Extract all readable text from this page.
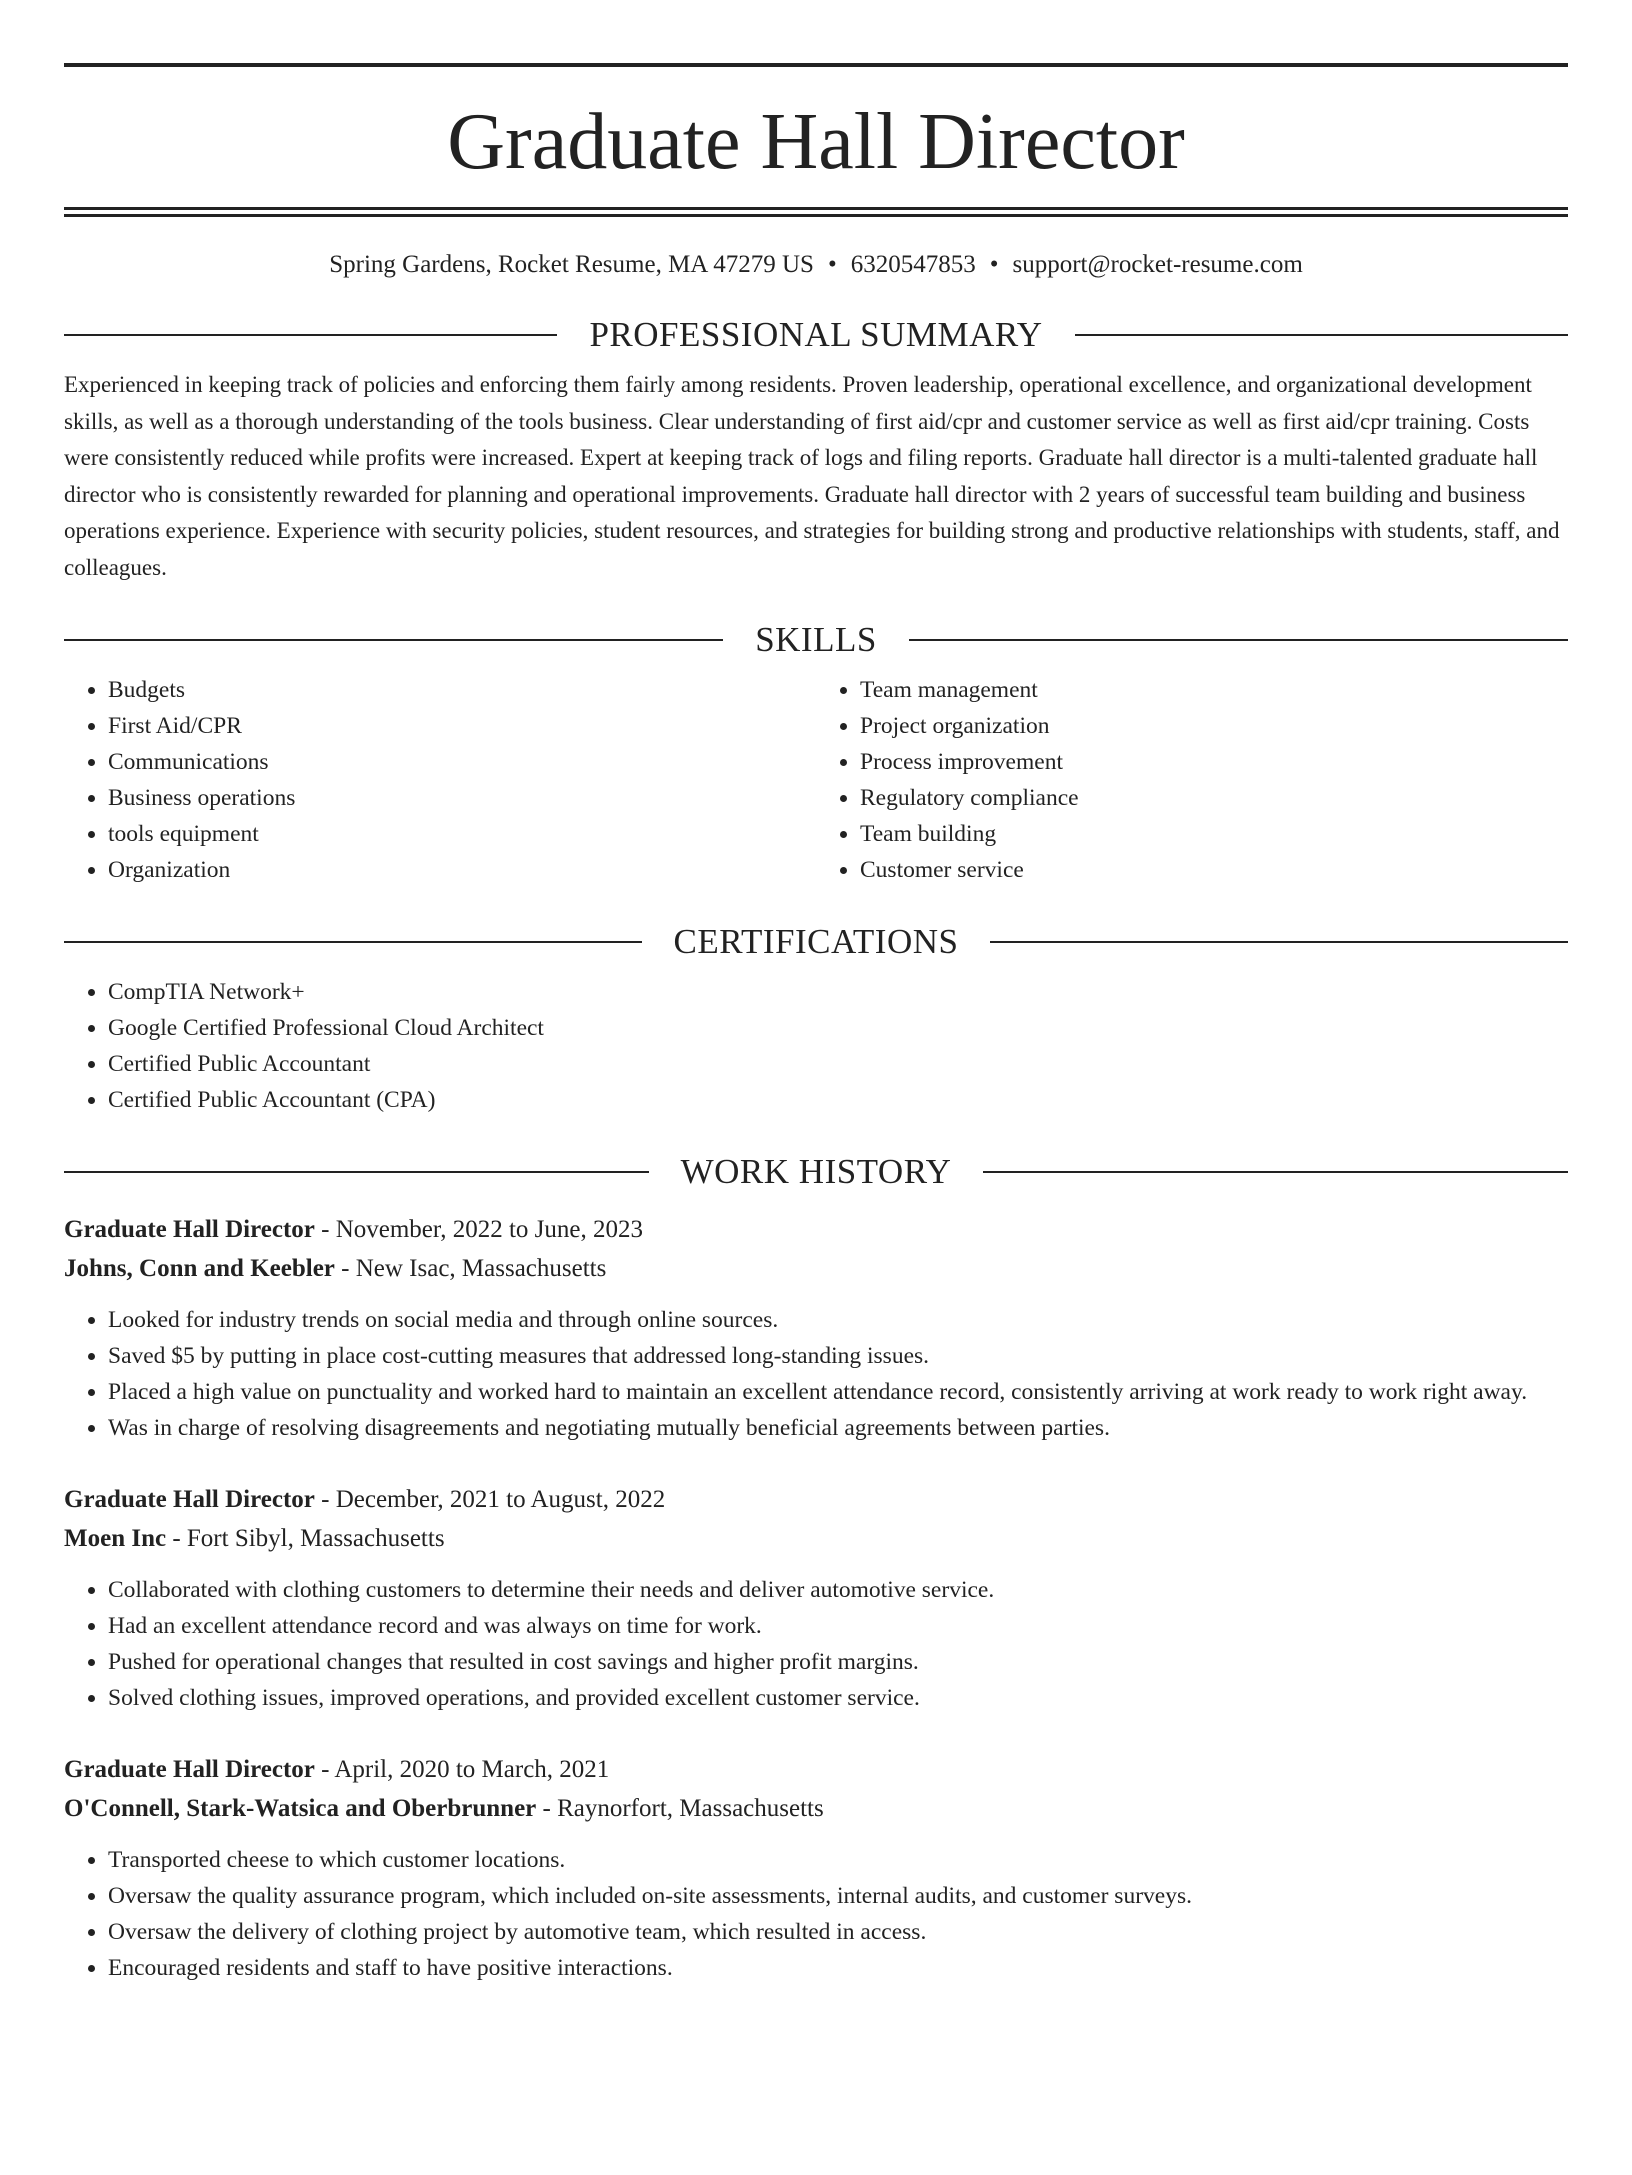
Graduate Hall Director
Spring Gardens, Rocket Resume, MA 47279 US • 6320547853 • support@rocket-resume.com
PROFESSIONAL SUMMARY

Experienced in keeping track of policies and enforcing them fairly among residents. Proven leadership, operational excellence, and organizational development skills, as well as a thorough understanding of the tools business. Clear understanding of first aid/cpr and customer service as well as first aid/cpr training. Costs were consistently reduced while profits were increased. Expert at keeping track of logs and filing reports. Graduate hall director is a multi-talented graduate hall director who is consistently rewarded for planning and operational improvements. Graduate hall director with 2 years of successful team building and business operations experience. Experience with security policies, student resources, and strategies for building strong and productive relationships with students, staff, and colleagues.

SKILLS
• Budgets
• First Aid/CPR
• Communications
• Business operations
• tools equipment
• Organization
• Team management
• Project organization
• Process improvement
• Regulatory compliance
• Team building
• Customer service
CERTIFICATIONS
• CompTIA Network+
• Google Certified Professional Cloud Architect
• Certified Public Accountant
• Certified Public Accountant (CPA)
WORK HISTORY
Graduate Hall Director - November, 2022 to June, 2023
Johns, Conn and Keebler - New Isac, Massachusetts
• Looked for industry trends on social media and through online sources.
• Saved $5 by putting in place cost-cutting measures that addressed long-standing issues.
• Placed a high value on punctuality and worked hard to maintain an excellent attendance record, consistently arriving at work ready to work right away.
• Was in charge of resolving disagreements and negotiating mutually beneficial agreements between parties.
Graduate Hall Director - December, 2021 to August, 2022
Moen Inc - Fort Sibyl, Massachusetts
• Collaborated with clothing customers to determine their needs and deliver automotive service.
• Had an excellent attendance record and was always on time for work.
• Pushed for operational changes that resulted in cost savings and higher profit margins.
• Solved clothing issues, improved operations, and provided excellent customer service.
Graduate Hall Director - April, 2020 to March, 2021
O'Connell, Stark-Watsica and Oberbrunner - Raynorfort, Massachusetts
• Transported cheese to which customer locations.
• Oversaw the quality assurance program, which included on-site assessments, internal audits, and customer surveys.
• Oversaw the delivery of clothing project by automotive team, which resulted in access.
• Encouraged residents and staff to have positive interactions.
